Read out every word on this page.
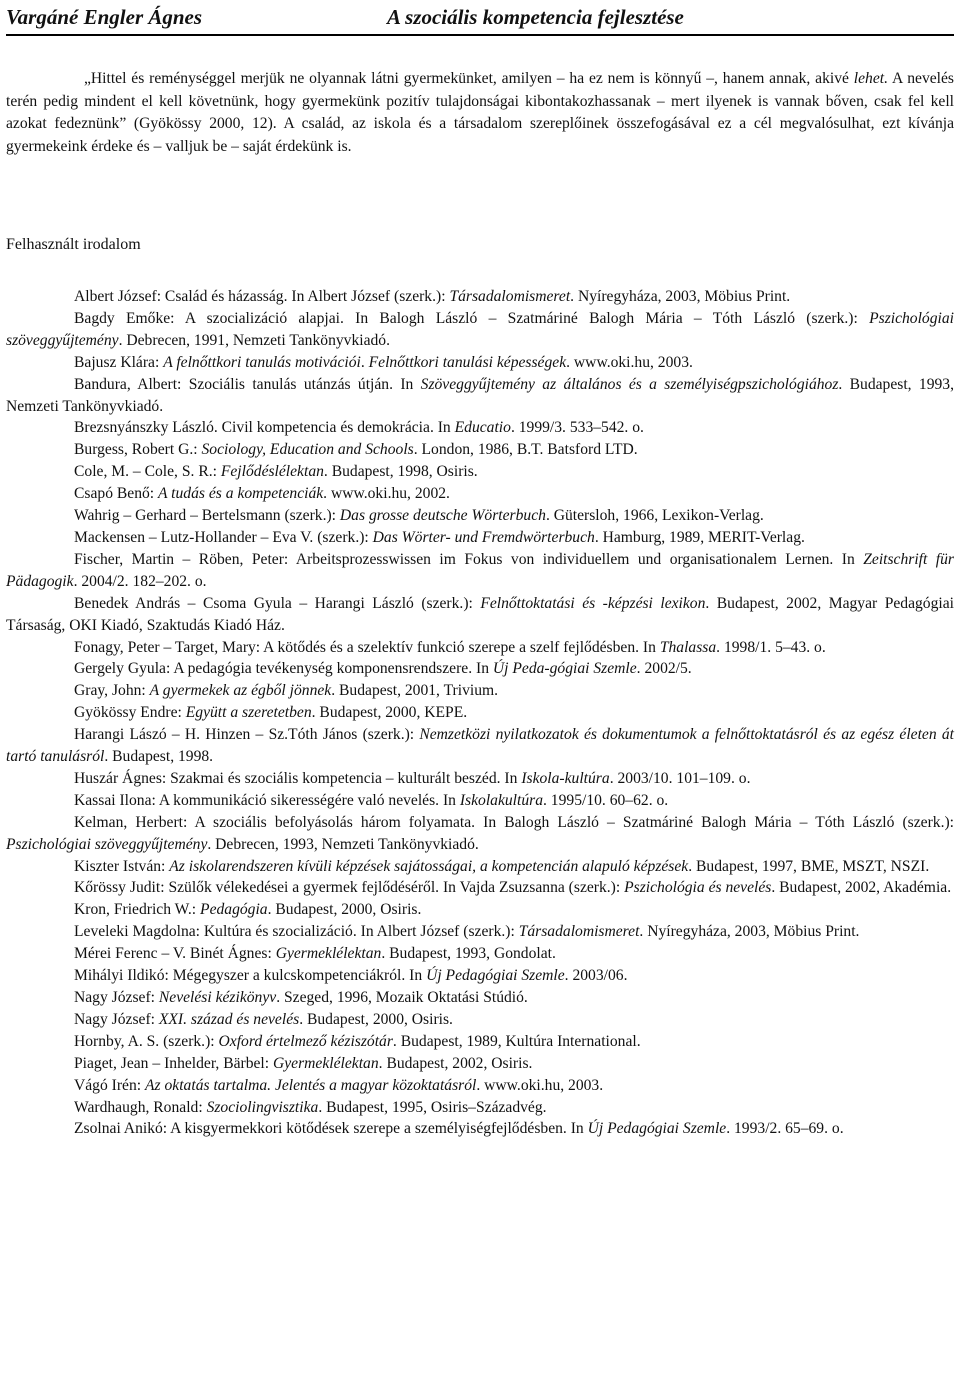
Vargáné Engler Ágnes	A szociális kompetencia fejlesztése

„Hittel és reménységgel merjük ne olyannak látni gyermekünket, amilyen – ha ez nem is könnyű –, hanem annak, akivé lehet. A nevelés terén pedig mindent el kell követnünk, hogy gyermekünk pozitív tulajdonságai kibontakozhassanak – mert ilyenek is vannak bőven, csak fel kell azokat fedeznünk” (Gyökössy 2000, 12). A család, az iskola és a társadalom szereplőinek összefogásával ez a cél megvalósulhat, ezt kívánja gyermekeink érdeke és – valljuk be – saját érdekünk is.

Felhasznált irodalom
Albert József: Család és házasság. In Albert József (szerk.): Társadalomismeret. Nyíregyháza, 2003, Möbius Print.
Bagdy Emőke: A szocializáció alapjai. In Balogh László – Szatmáriné Balogh Mária – Tóth László (szerk.): Pszichológiai szöveggyűjtemény. Debrecen, 1991, Nemzeti Tankönyvkiadó.
Bajusz Klára: A felnőttkori tanulás motivációi. Felnőttkori tanulási képességek. www.oki.hu, 2003.
Bandura, Albert: Szociális tanulás utánzás útján. In Szöveggyűjtemény az általános és a személyiségpszichológiához. Budapest, 1993, Nemzeti Tankönyvkiadó.
Brezsnyánszky László. Civil kompetencia és demokrácia. In Educatio. 1999/3. 533–542. o.
Burgess, Robert G.: Sociology, Education and Schools. London, 1986, B.T. Batsford LTD.
Cole, M. – Cole, S. R.: Fejlődéslélektan. Budapest, 1998, Osiris.
Csapó Benő: A tudás és a kompetenciák. www.oki.hu, 2002.
Wahrig – Gerhard – Bertelsmann (szerk.): Das grosse deutsche Wörterbuch. Gütersloh, 1966, Lexikon-Verlag.
Mackensen – Lutz-Hollander – Eva V. (szerk.): Das Wörter- und Fremdwörterbuch. Hamburg, 1989, MERIT-Verlag.
Fischer, Martin – Röben, Peter: Arbeitsprozesswissen im Fokus von individuellem und organisationalem Lernen. In Zeitschrift für Pädagogik. 2004/2. 182–202. o.
Benedek András – Csoma Gyula – Harangi László (szerk.): Felnőttoktatási és -képzési lexikon. Budapest, 2002, Magyar Pedagógiai Társaság, OKI Kiadó, Szaktudás Kiadó Ház.
Fonagy, Peter – Target, Mary: A kötődés és a szelektív funkció szerepe a szelf fejlődésben. In Thalassa. 1998/1. 5–43. o.
Gergely Gyula: A pedagógia tevékenység komponensrendszere. In Új Peda-gógiai Szemle. 2002/5.
Gray, John: A gyermekek az égből jönnek. Budapest, 2001, Trivium.
Gyökössy Endre: Együtt a szeretetben. Budapest, 2000, KEPE.
Harangi Lászó – H. Hinzen – Sz.Tóth János (szerk.): Nemzetközi nyilatkozatok és dokumentumok a felnőttoktatásról és az egész életen át tartó tanulásról. Budapest, 1998.
Huszár Ágnes: Szakmai és szociális kompetencia – kulturált beszéd. In Iskola-kultúra. 2003/10. 101–109. o.
Kassai Ilona: A kommunikáció sikerességére való nevelés. In Iskolakultúra. 1995/10. 60–62. o.
Kelman, Herbert: A szociális befolyásolás három folyamata. In Balogh László – Szatmáriné Balogh Mária – Tóth László (szerk.): Pszichológiai szöveggyűjtemény. Debrecen, 1993, Nemzeti Tankönyvkiadó.
Kiszter István: Az iskolarendszeren kívüli képzések sajátosságai, a kompetencián alapuló képzések. Budapest, 1997, BME, MSZT, NSZI.
Kőrössy Judit: Szülők vélekedései a gyermek fejlődéséről. In Vajda Zsuzsanna (szerk.): Pszichológia és nevelés. Budapest, 2002, Akadémia.
Kron, Friedrich W.: Pedagógia. Budapest, 2000, Osiris.
Leveleki Magdolna: Kultúra és szocializáció. In Albert József (szerk.): Társadalomismeret. Nyíregyháza, 2003, Möbius Print.
Mérei Ferenc – V. Binét Ágnes: Gyermeklélektan. Budapest, 1993, Gondolat.
Mihályi Ildikó: Mégegyszer a kulcskompetenciákról. In Új Pedagógiai Szemle. 2003/06.
Nagy József: Nevelési kézikönyv. Szeged, 1996, Mozaik Oktatási Stúdió.
Nagy József: XXI. század és nevelés. Budapest, 2000, Osiris.
Hornby, A. S. (szerk.): Oxford értelmező kéziszótár. Budapest, 1989, Kultúra International.
Piaget, Jean – Inhelder, Bärbel: Gyermeklélektan. Budapest, 2002, Osiris.
Vágó Irén: Az oktatás tartalma. Jelentés a magyar közoktatásról. www.oki.hu, 2003.
Wardhaugh, Ronald: Szociolingvisztika. Budapest, 1995, Osiris–Századvég.
Zsolnai Anikó: A kisgyermekkori kötődések szerepe a személyiségfejlődésben. In Új Pedagógiai Szemle. 1993/2. 65–69. o.
